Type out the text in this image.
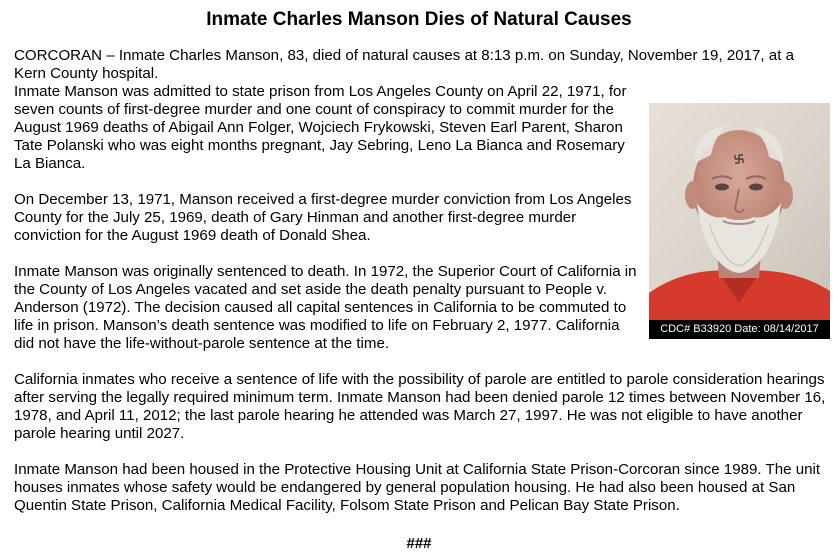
Inmate Charles Manson Dies of Natural Causes

CORCORAN – Inmate Charles Manson, 83, died of natural causes at 8:13 p.m. on Sunday, November 19, 2017, at a Kern County hospital.

CDC# B33920 Date: 08/14/2017

Inmate Manson was admitted to state prison from Los Angeles County on April 22, 1971, for seven counts of first-degree murder and one count of conspiracy to commit murder for the August 1969 deaths of Abigail Ann Folger, Wojciech Frykowski, Steven Earl Parent, Sharon Tate Polanski who was eight months pregnant, Jay Sebring, Leno La Bianca and Rosemary La Bianca.

On December 13, 1971, Manson received a first-degree murder conviction from Los Angeles County for the July 25, 1969, death of Gary Hinman and another first-degree murder conviction for the August 1969 death of Donald Shea.

Inmate Manson was originally sentenced to death. In 1972, the Superior Court of California in the County of Los Angeles vacated and set aside the death penalty pursuant to People v. Anderson (1972). The decision caused all capital sentences in California to be commuted to life in prison. Manson’s death sentence was modified to life on February 2, 1977. California did not have the life-without-parole sentence at the time.

California inmates who receive a sentence of life with the possibility of parole are entitled to parole consideration hearings after serving the legally required minimum term. Inmate Manson had been denied parole 12 times between November 16, 1978, and April 11, 2012; the last parole hearing he attended was March 27, 1997. He was not eligible to have another parole hearing until 2027.

Inmate Manson had been housed in the Protective Housing Unit at California State Prison-Corcoran since 1989. The unit houses inmates whose safety would be endangered by general population housing. He had also been housed at San Quentin State Prison, California Medical Facility, Folsom State Prison and Pelican Bay State Prison.

###
